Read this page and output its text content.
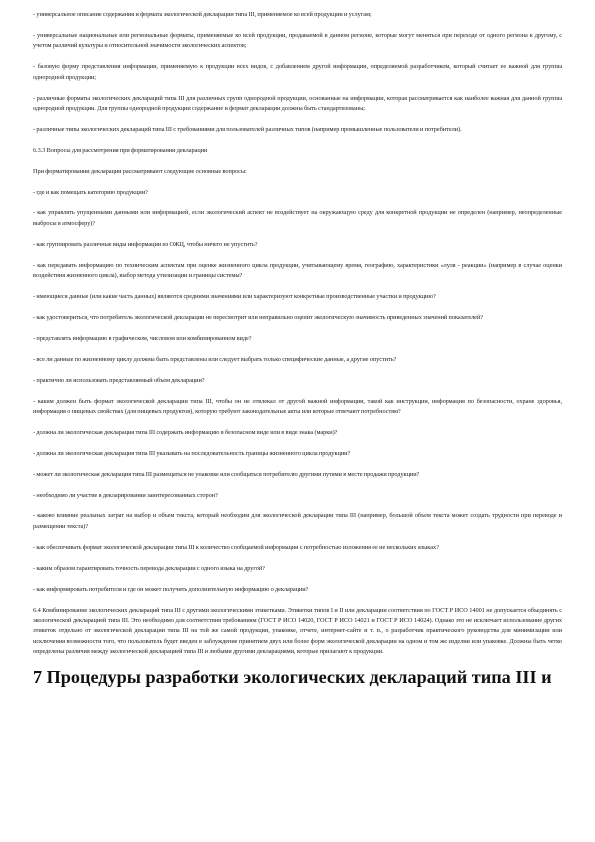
- универсальное описание содержания и формата экологической декларации типа III, применяемое ко всей продукции и услугам;

- универсальные национальные или региональные форматы, применяемые ко всей продукции, продаваемой в данном регионе, которые могут меняться при переходе от одного региона к другому, с учетом различий культуры и относительной значимости экологических аспектов;

- базовую форму представления информации, применяемую к продукции всех видов, с добавлением другой информации, определяемой разработчиком, который считает ее важной для группы однородной продукции;

- различные форматы экологических деклараций типа III для различных групп однородной продукции, основанные на информации, которая рассматривается как наиболее важная для данной группы однородной продукции. Для группы однородной продукции содержание и формат декларации должны быть стандартизованы;

- различные типы экологических деклараций типа III с требованиями для пользователей различных типов (например промышленные пользователи и потребители).

6.3.3 Вопросы для рассмотрения при форматировании декларации

При форматировании декларации рассматривают следующие основные вопросы:

- где и как помещать категорию продукции?

- как управлять упущенными данными или информацией, если экологический аспект не воздействует на окружающую среду для конкретной продукции не определен (например, неопределенные выбросы в атмосферу)?

- как группировать различные виды информации из ОЖЦ, чтобы ничего не упустить?

- как передавать информацию по техническим аспектам при оценке жизненного цикла продукции, учитывающему время, географию, характеристики «луля - реакции» (например в случае оценки воздействия жизненного цикла), выбор метода утилизации и границы системы?

- имеющиеся данные (или какие часть данных) являются средними значениями или характеризуют конкретные производственные участки и продукцию?

- как удостовериться, что потребитель экологической декларации не пересмотрит или неправильно оценит экологическую значимость приведенных значений показателей?

- представлять информацию в графическом, числовом или комбинированном виде?

- все ли данные по жизненному циклу должны быть представлены или следует выбрать только специфические данные, а другие опустить?

- практично ли использовать представляемый объем декларации?

- каким должен быть формат экологической декларации типа III, чтобы он не отвлекал от другой важной информации, такой как инструкции, информация по безопасности, охране здоровья, информация о пищевых свойствах (для пищевых продуктов), которую требуют законодательные акты или которые отвечают потребностям?

- должна ли экологическая декларация типа III содержать информацию в безопасном виде или в виде знака (марки)?

- должна ли экологическая декларация типа III указывать на последовательность границы жизненного цикла продукции?

- может ли экологическая декларация типа III размещаться не упаковке или сообщаться потребителю другими путями в месте продажи продукции?

- необходимо ли участие в декларировании заинтересованных сторон?

- каково влияние реальных затрат на выбор и объем текста, который необходим для экологической декларации типа III (например, большой объем текста может создать трудности при переводе и размещении текста)?

- как обеспечивать формат экологической декларации типа III к количество сообщаемой информации с потребностью изложения ее не нескольких языках?

- каким образом гарантировать точность перевода декларации с одного языка на другой?

- как информировать потребителя и где он может получить дополнительную информацию о декларации?

6.4 Комбинирование экологических деклараций типа III с другими экологическими этикетками. Этикетки типов I и II или декларации соответствия по ГОСТ Р ИСО 14001 не допускается объединять с экологической декларацией типа III. Это необходимо для соответствия требованиям (ГОСТ Р ИСО 14020, ГОСТ Р ИСО 14021 и ГОСТ Р ИСО 14024). Однако это не исключает использование других этикеток отдельно от экологической декларации типа III на той же самой продукции, упаковке, отчете, интернет-сайте и т. п., о разработчик практического руководства для минимизации или исключения возможности того, что пользователь будет введен в заблуждение принятием двух или более форм экологической декларации на одном и том же изделии или упаковке. Должны быть четко определены различия между экологической декларацией типа III и любыми другими декларациями, которые прилагают к продукции.

7 Процедуры разработки экологических деклараций типа III и
